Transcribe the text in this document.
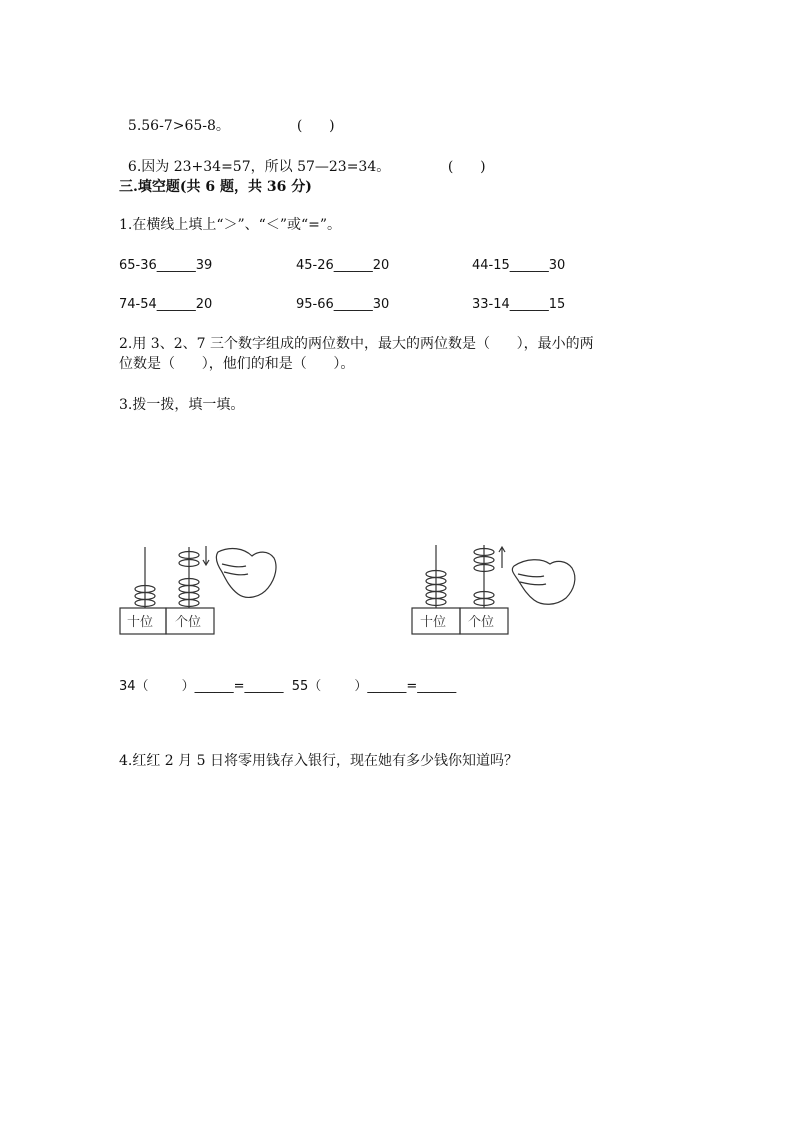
5.56-7>65-8。	(      )

6.因为 23+34=57，所以 57—23=34。	(      )

三.填空题(共 6 题，共 36 分)
1.在横线上填上“＞”、“＜”或“=”。
65-36______39	45-26______20	44-15______30
74-54______20	95-66______30	33-14______15
2.用 3、2、7 三个数字组成的两位数中，最大的两位数是（      ），最小的两
位数是（      ），他们的和是（      ）。
3.拨一拨，填一填。
十位 个位	十位 个位
34（        ）______=______  55（        ）______=______
4.红红 2 月 5 日将零用钱存入银行，现在她有多少钱你知道吗？
